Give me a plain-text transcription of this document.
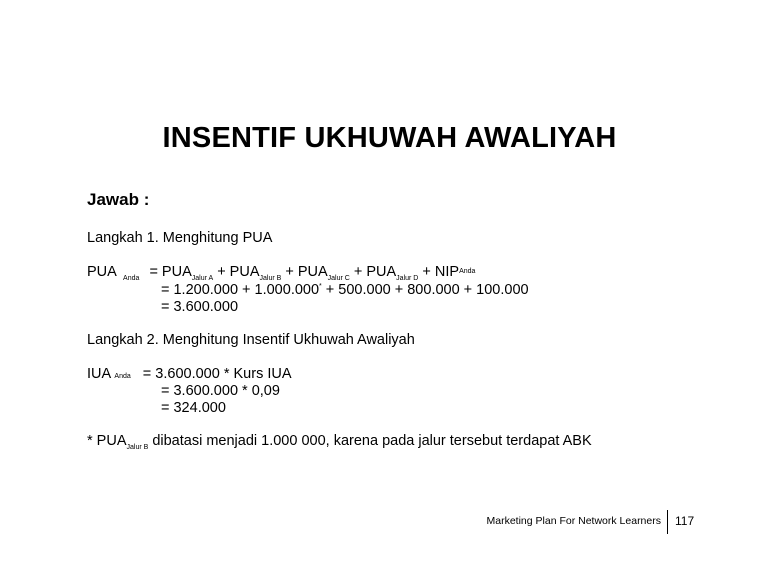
INSENTIF UKHUWAH AWALIYAH
Jawab :
Langkah 1. Menghitung PUA
PUA $_{Anda} = PUA_{Jalur A} + PUA_{Jalur B} + PUA_{Jalur C} + PUA_{Jalur D} + NIP^{Anda}$
= 1.200.000 + 1.000.000* + 500.000 + 800.000 + 100.000
= 3.600.000
Langkah 2. Menghitung Insentif Ukhuwah Awaliyah
IUA Anda = 3.600.000 * Kurs IUA
= 3.600.000 * 0,09
= 324.000
* $PUA_{Jalur B}$ dibatasi menjadi 1.000 000, karena pada jalur tersebut terdapat ABK
Marketing Plan For Network Learners 117
